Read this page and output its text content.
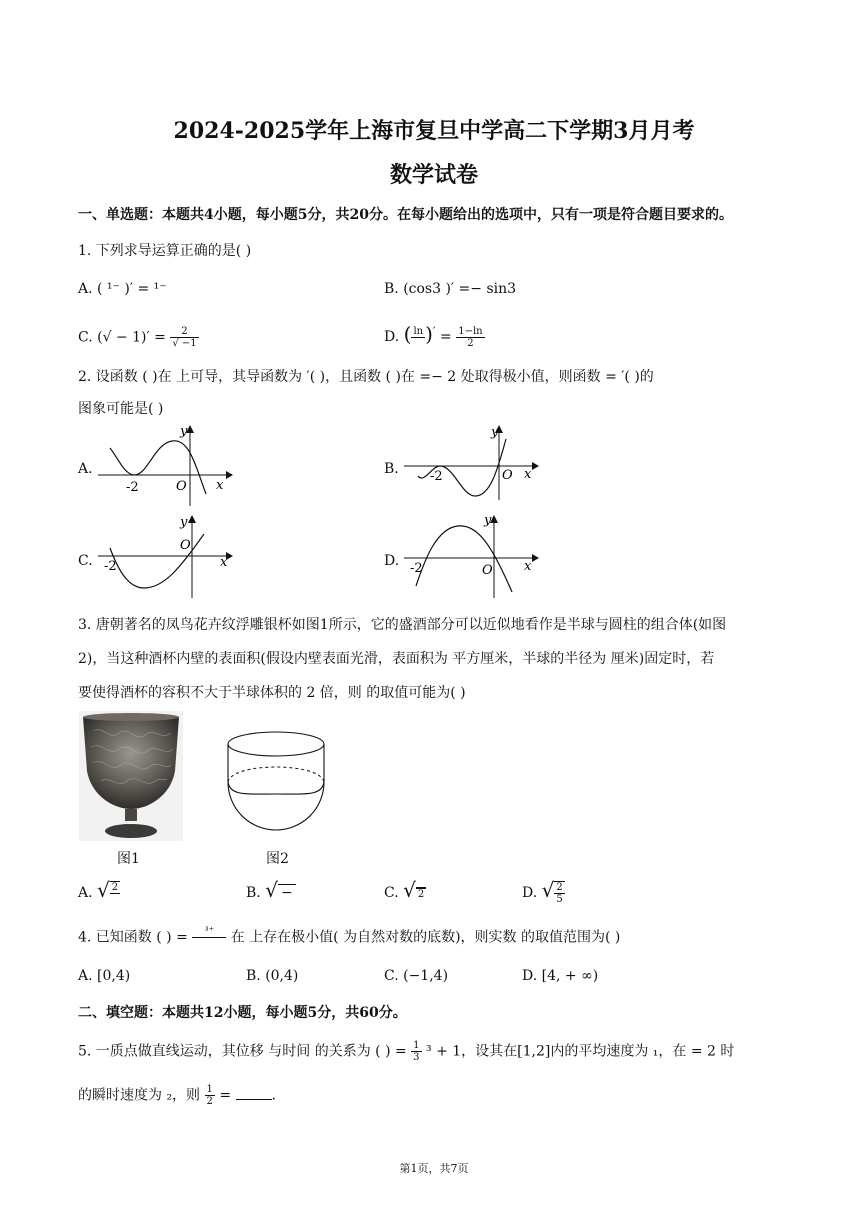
2024-2025学年上海市复旦中学高二下学期3月月考
数学试卷
一、单选题：本题共4小题，每小题5分，共20分。在每小题给出的选项中，只有一项是符合题目要求的。
1. 下列求导运算正确的是( )
A. ( ¹⁻ )′ = ¹⁻	B. (cos3 )′ =− sin3
C. (√ − $1)' = \frac{2}{√ -1}$	D. ( ln
)$' = \frac{1-\ln}{2}$
2. 设函数 ( )在 上可导，其导函数为 ′( )，且函数 ( )在 =− 2 处取得极小值，则函数 = ′( )的
图象可能是( )
A.	B.
C.	D.
y
x
O
-2
y
x
O
-2
y
x
O
-2
y
x
O
-2
3. 唐朝著名的凤鸟花卉纹浮雕银杯如图1所示，它的盛酒部分可以近似地看作是半球与圆柱的组合体(如图
2)，当这种酒杯内壁的表面积(假设内壁表面光滑，表面积为 平方厘米，半球的半径为 厘米)固定时，若
要使得酒杯的容积不大于半球体积的 2 倍，则 的取值可能为( )
图1	图2
A. √ 2
	B. √ −	C. √ 2	D. √ $\frac{2}{5}$
4. 已知函数 ( ) =	³⁺
	在 上存在极小值( 为自然对数的底数)，则实数 的取值范围为( )
A. [0,4)	B. (0,4)	C. (−1,4)	D. [4, + ∞)
二、填空题：本题共12小题，每小题5分，共60分。
5. 一质点做直线运动，其位移 与时间 的关系为 ( ) = $\frac{1}{3} ^3 + 1$，设其在[1,2]内的平均速度为 ₁，在 = 2 时
的瞬时速度为 ₂，则 $\frac{1}{2}$ =	.
第1页，共7页
